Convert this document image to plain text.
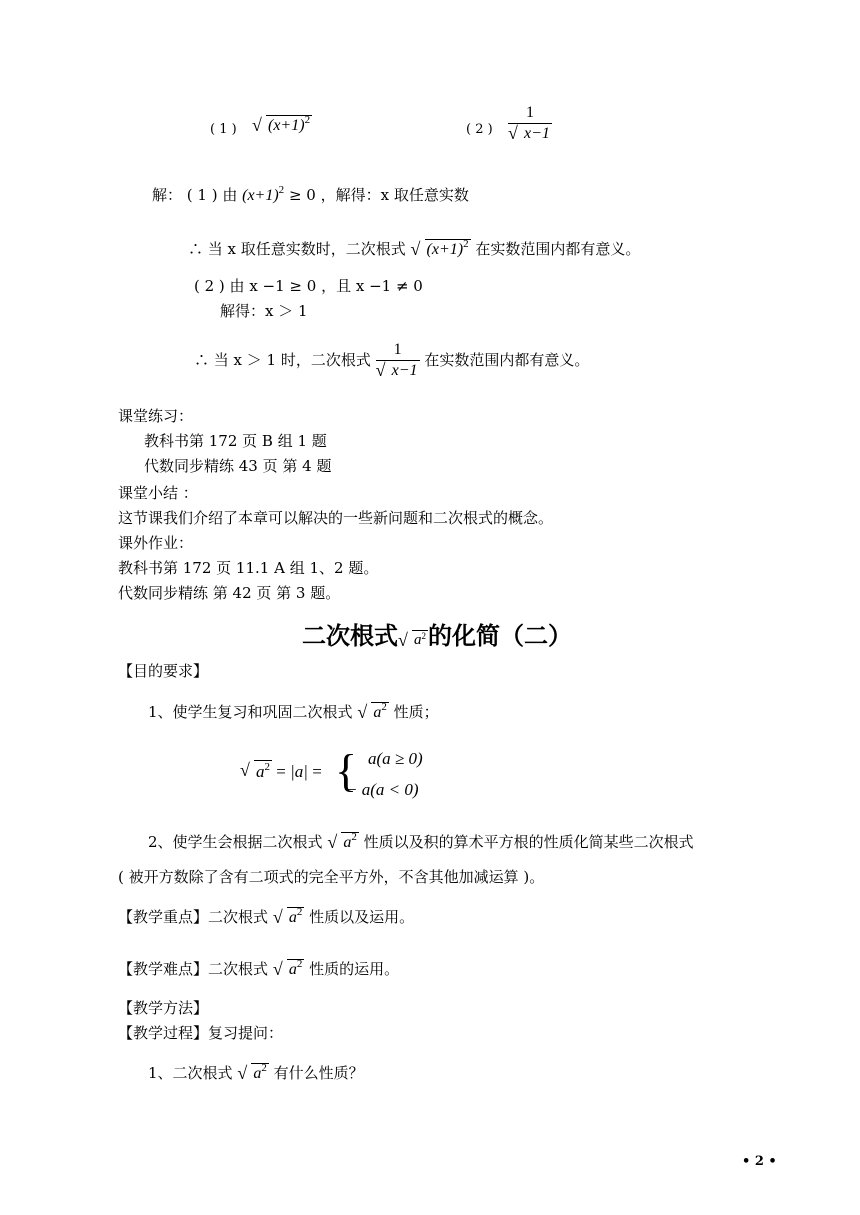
( 1 ) √ $(x+1)^2$
( 2 ) $\frac{1}{√ x-1}$
解： ( 1 ) 由 $(x+1)^2 \ge 0$ ，解得：x 取任意实数
∴ 当 x 取任意实数时，二次根式 √ $(x+1)^2$ 在实数范围内都有意义。
( 2 ) 由 x −1 ≥ 0 ，且 x −1 ≠ 0
解得：x ＞ 1
∴ 当 x ＞ 1 时，二次根式 $\frac{1}{√ x-1}$ 在实数范围内都有意义。
课堂练习：
教科书第 172 页 B 组 1 题
代数同步精练 43 页 第 4 题
课堂小结 ：
这节课我们介绍了本章可以解决的一些新问题和二次根式的概念。
课外作业：
教科书第 172 页 11.1 A 组 1、2 题。
代数同步精练 第 42 页 第 3 题。
二次根式 √ $a^2$的化简（二）
【目的要求】
1、使学生复习和巩固二次根式 √ $a^2$ 性质；
√ $a^2 = |a|$ = { a(a ≥ 0)
− a(a < 0)
2、使学生会根据二次根式 √ $a^2$ 性质以及积的算术平方根的性质化简某些二次根式
( 被开方数除了含有二项式的完全平方外，不含其他加减运算 )。
【教学重点】二次根式 √ $a^2$ 性质以及运用。
【教学难点】二次根式 √ $a^2$ 性质的运用。
【教学方法】
【教学过程】复习提问：
1、二次根式 √ $a^2$ 有什么性质？
• 2 •
